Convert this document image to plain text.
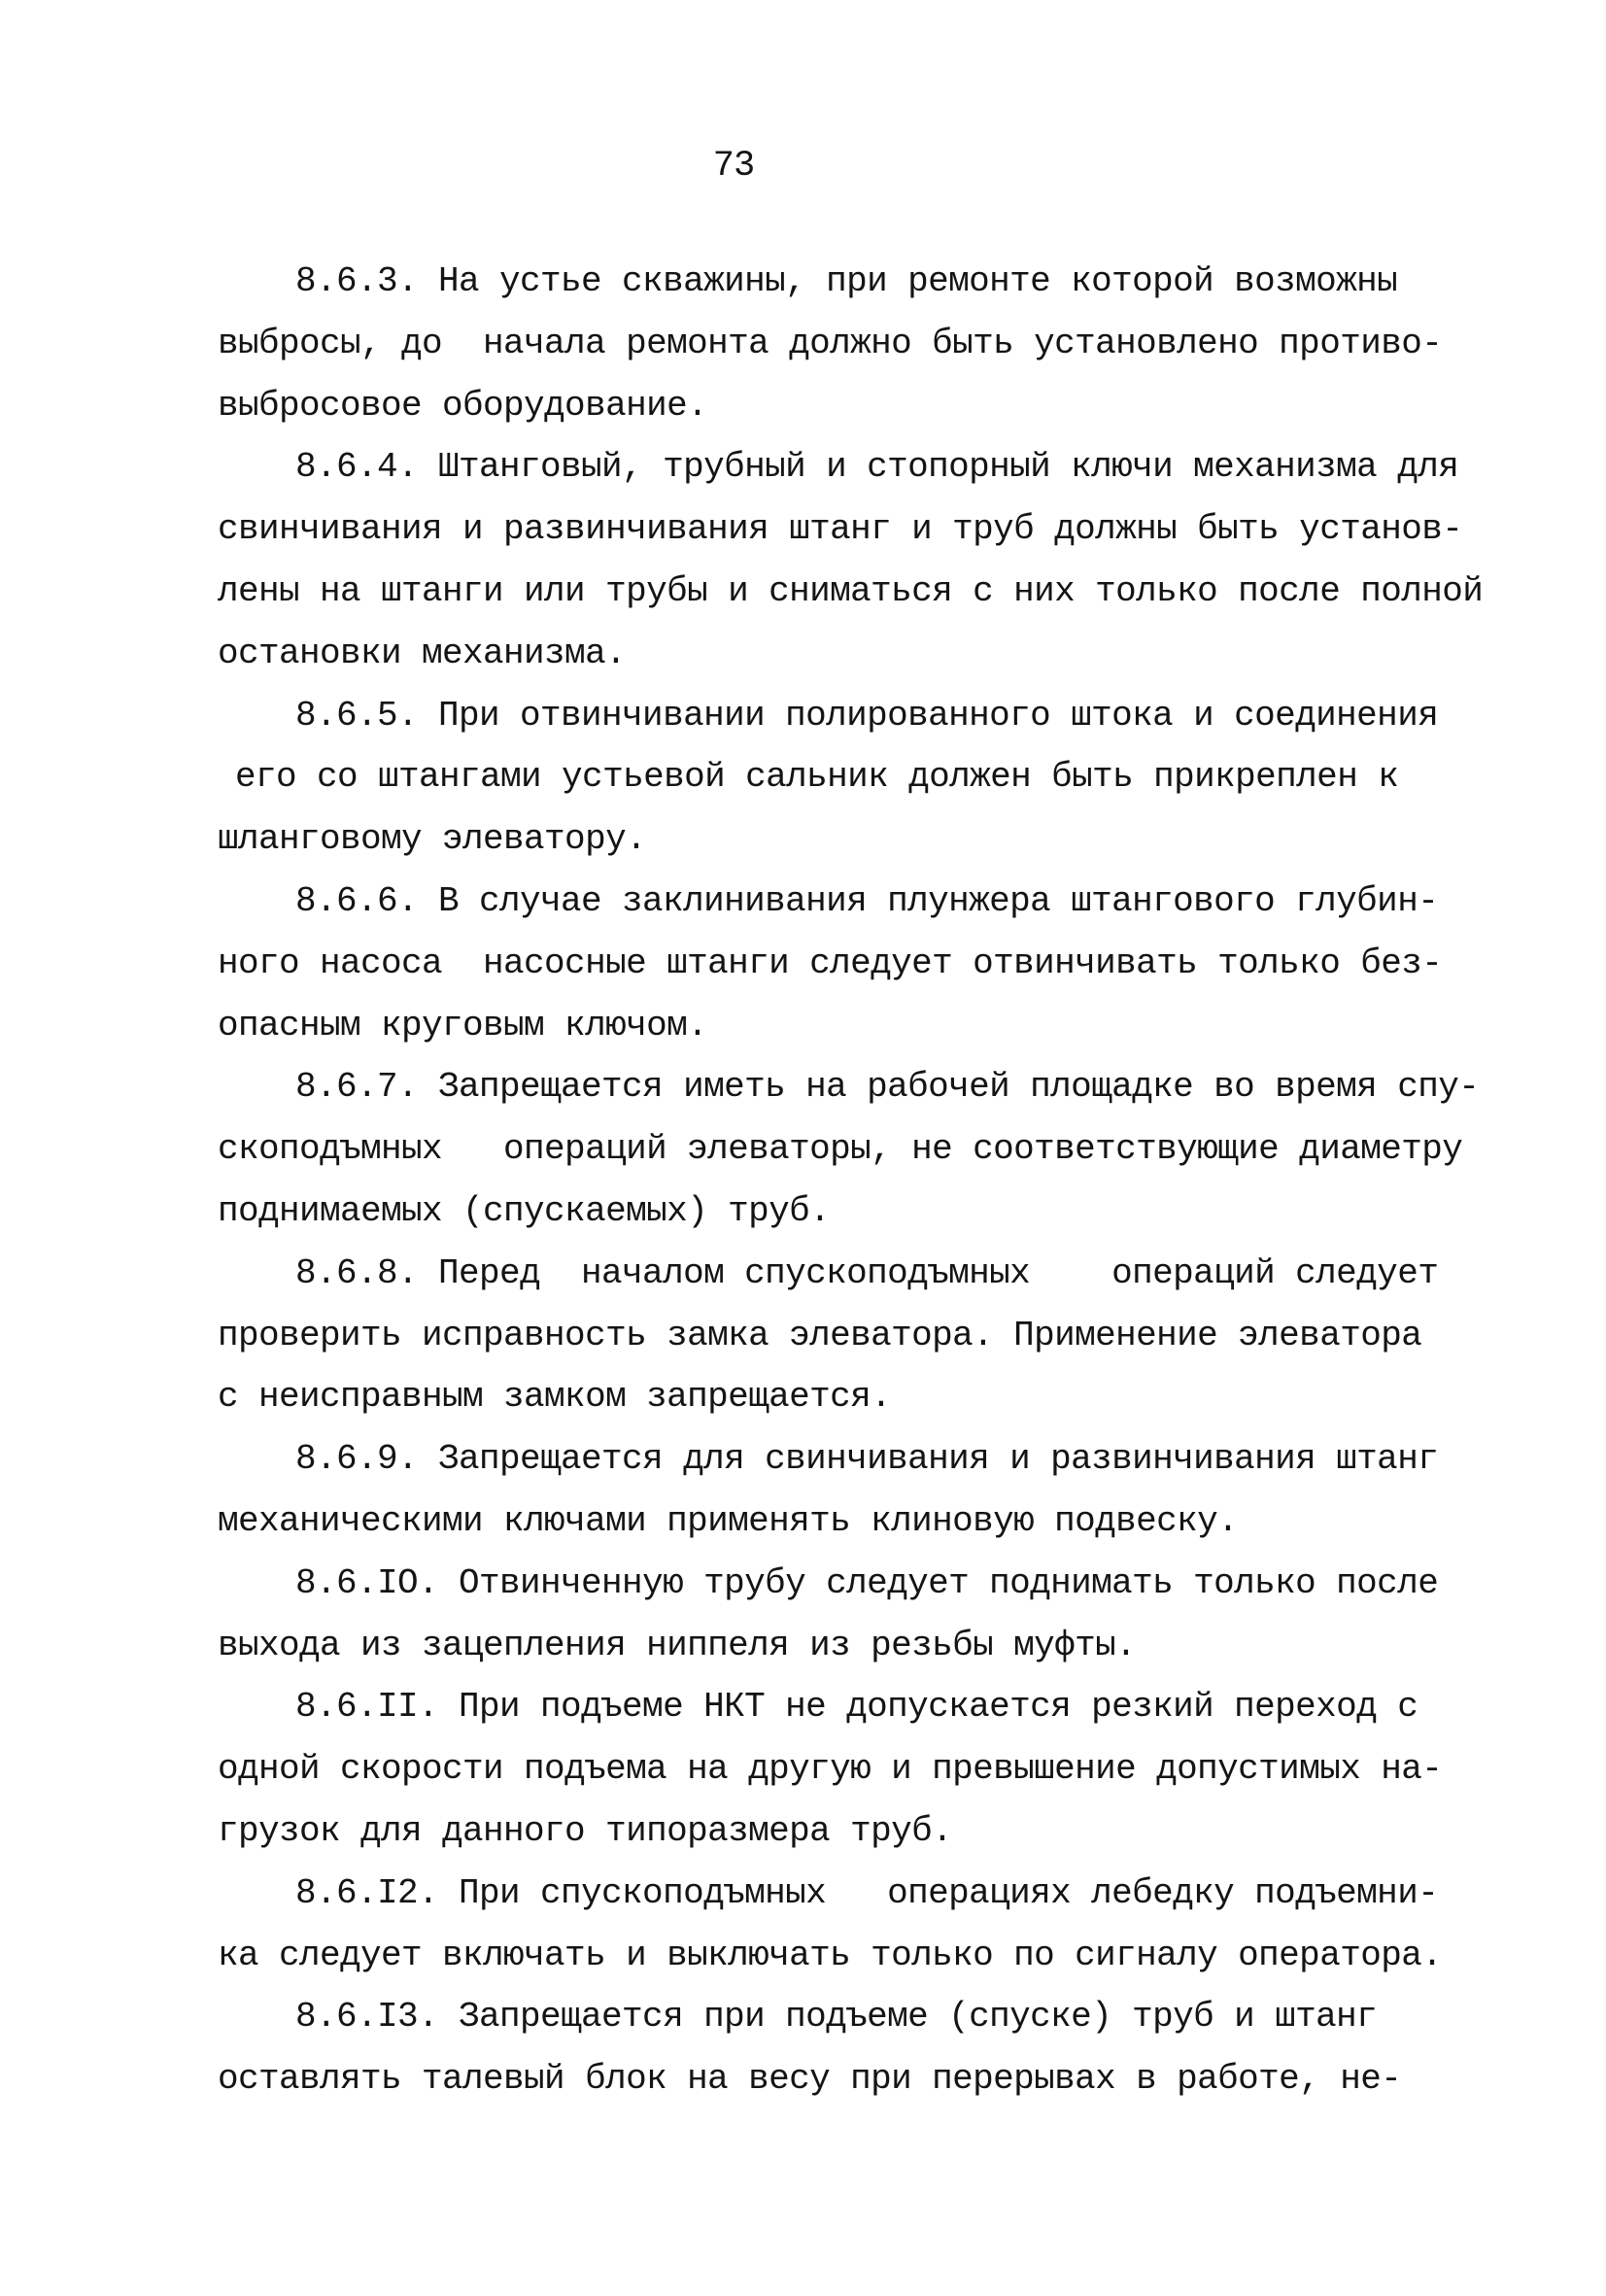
73
8.6.3. На устье скважины, при ремонте которой возможны
выбросы, до  начала ремонта должно быть установлено противо-
выбросовое оборудование.
8.6.4. Штанговый, трубный и стопорный ключи механизма для
свинчивания и развинчивания штанг и труб должны быть установ-
лены на штанги или трубы и сниматься с них только после полной
остановки механизма.
8.6.5. При отвинчивании полированного штока и соединения
его со штангами устьевой сальник должен быть прикреплен к
шланговому элеватору.
8.6.6. В случае заклинивания плунжера штангового глубин-
ного насоса  насосные штанги следует отвинчивать только без-
опасным круговым ключом.
8.6.7. Запрещается иметь на рабочей площадке во время спу-
скоподъмных   операций элеваторы, не соответствующие диаметру
поднимаемых (спускаемых) труб.
8.6.8. Перед  началом спускоподъмных    операций следует
проверить исправность замка элеватора. Применение элеватора
с неисправным замком запрещается.
8.6.9. Запрещается для свинчивания и развинчивания штанг
механическими ключами применять клиновую подвеску.
8.6.IO. Отвинченную трубу следует поднимать только после
выхода из зацепления ниппеля из резьбы муфты.
8.6.II. При подъеме НКТ не допускается резкий переход с
одной скорости подъема на другую и превышение допустимых на-
грузок для данного типоразмера труб.
8.6.I2. При спускоподъмных   операциях лебедку подъемни-
ка следует включать и выключать только по сигналу оператора.
8.6.I3. Запрещается при подъеме (спуске) труб и штанг
оставлять талевый блок на весу при перерывах в работе, не-
